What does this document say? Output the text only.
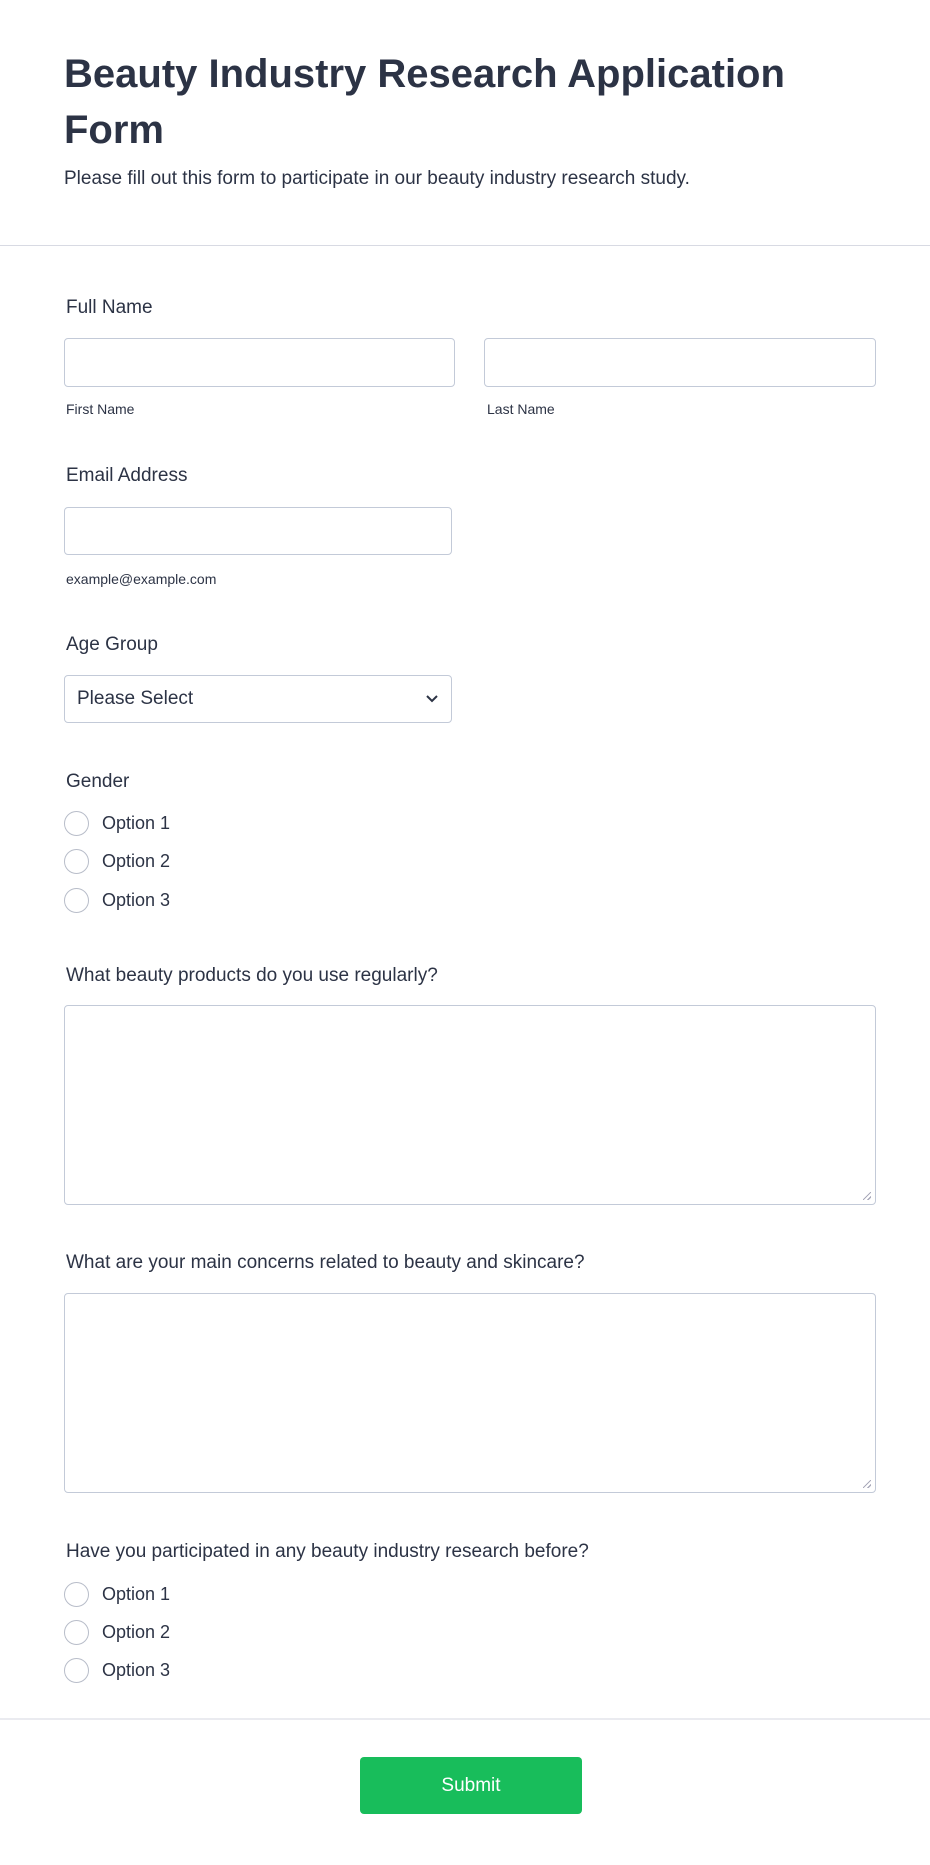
Beauty Industry Research Application Form

Please fill out this form to participate in our beauty industry research study.

Full Name
First Name	Last Name
Email Address
example@example.com
Age Group
Please Select
Gender
Option 1
Option 2
Option 3
What beauty products do you use regularly?
What are your main concerns related to beauty and skincare?
Have you participated in any beauty industry research before?
Option 1
Option 2
Option 3
Submit
